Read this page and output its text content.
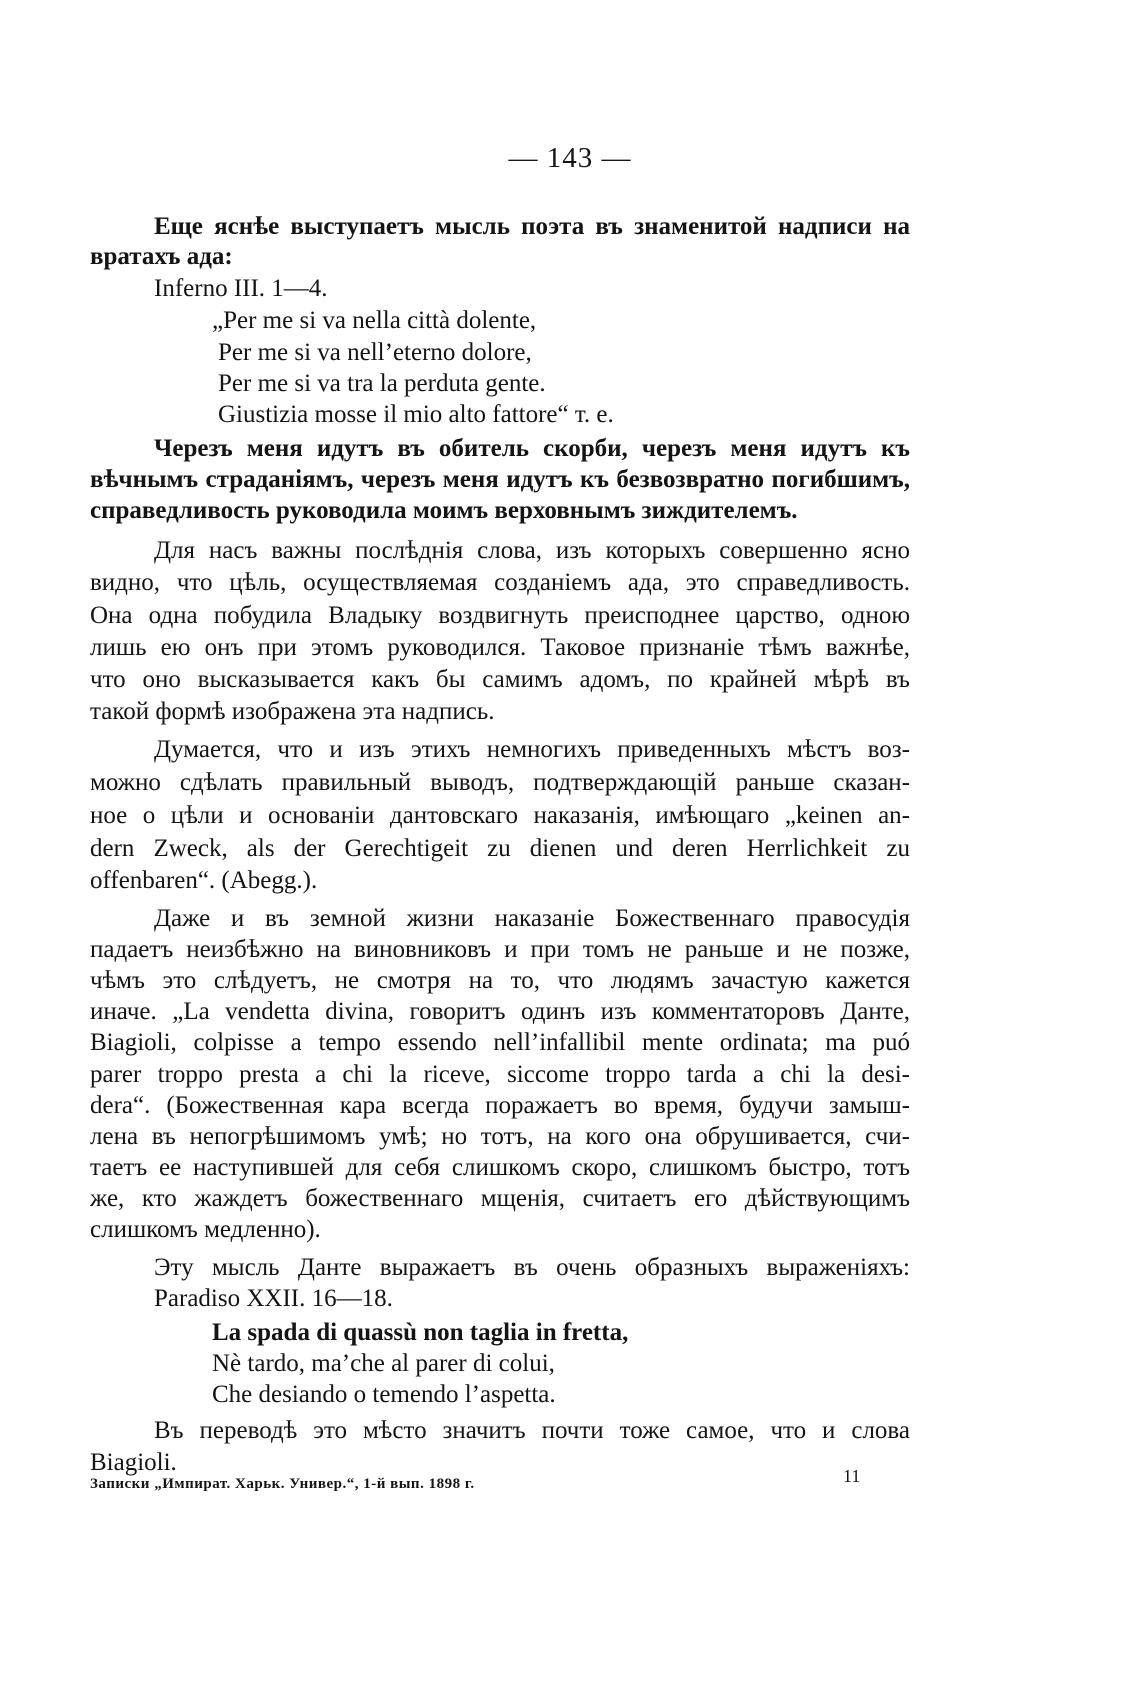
— 143 —
Еще яснѣе выступаетъ мысль поэта въ знаменитой надписи на
вратахъ ада:
Inferno III. 1—4.
„Per me si va nella città dolente,
Per me si va nell’eterno dolore,
Per me si va tra la perduta gente.
Giustizia mosse il mio alto fattore“ т. е.
Черезъ меня идутъ въ обитель скорби, черезъ меня идутъ къ
вѣчнымъ страданіямъ, черезъ меня идутъ къ безвозвратно погибшимъ,
справедливость руководила моимъ верховнымъ зиждителемъ.
Для насъ важны послѣднія слова, изъ которыхъ совершенно ясно
видно, что цѣль, осуществляемая созданіемъ ада, это справедливость.
Она одна побудила Владыку воздвигнуть преисподнее царство, одною
лишь ею онъ при этомъ руководился. Таковое признаніе тѣмъ важнѣе,
что оно высказывается какъ бы самимъ адомъ, по крайней мѣрѣ въ
такой формѣ изображена эта надпись.
Думается, что и изъ этихъ немногихъ приведенныхъ мѣстъ воз-
можно сдѣлать правильный выводъ, подтверждающій раньше сказан-
ное о цѣли и основаніи дантовскаго наказанія, имѣющаго „keinen an-
dern Zweck, als der Gerechtigeit zu dienen und deren Herrlichkeit zu
offenbaren“. (Abegg.).
Даже и въ земной жизни наказаніе Божественнаго правосудія
падаетъ неизбѣжно на виновниковъ и при томъ не раньше и не позже,
чѣмъ это слѣдуетъ, не смотря на то, что людямъ зачастую кажется
иначе. „La vendetta divina, говоритъ одинъ изъ комментаторовъ Данте,
Biagioli, colpisse a tempo essendo nell’infallibil mente ordinata; ma puó
parer troppo presta a chi la riceve, siccome troppo tarda a chi la desi-
dera“. (Божественная кара всегда поражаетъ во время, будучи замыш-
лена въ непогрѣшимомъ умѣ; но тотъ, на кого она обрушивается, счи-
таетъ ее наступившей для себя слишкомъ скоро, слишкомъ быстро, тотъ
же, кто жаждетъ божественнаго мщенія, считаетъ его дѣйствующимъ
слишкомъ медленно).
Эту мысль Данте выражаетъ въ очень образныхъ выраженіяхъ:
Paradiso XXII. 16—18.
La spada di quassù non taglia in fretta,
Nè tardo, ma’che al parer di colui,
Che desiando o temendo l’aspetta.
Въ переводѣ это мѣсто значитъ почти тоже самое, что и слова
Biagioli.
Записки „Импират. Харьк. Универ.“, 1-й вып. 1898 г.	11
